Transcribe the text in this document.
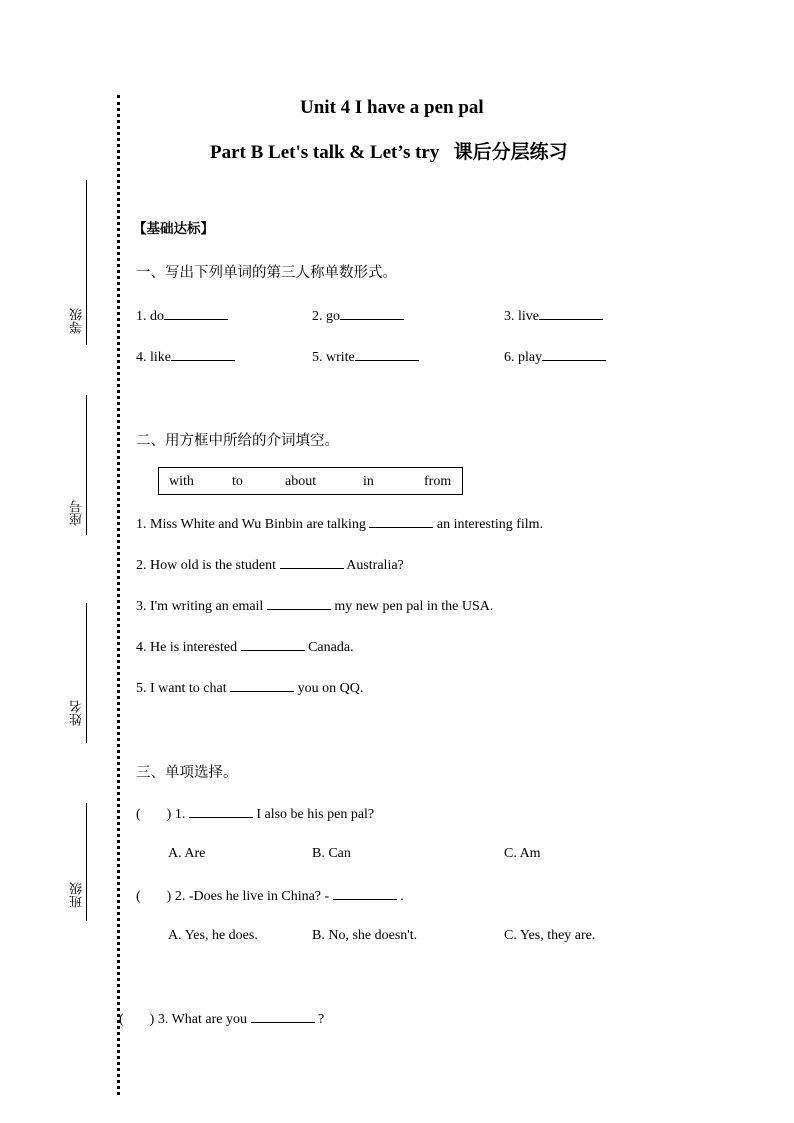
等级
座号
姓名
班级
Unit 4 I have a pen pal
Part B Let's talk & Let’s try 课后分层练习
【基础达标】
一、写出下列单词的第三人称单数形式。
1. do	2. go	3. live
4. like	5. write	6. play
二、用方框中所给的介词填空。
with	to	about	in	from
1. Miss White and Wu Binbin are talking	an interesting film.
2. How old is the student	Australia?
3. I'm writing an email	my new pen pal in the USA.
4. He is interested	Canada.
5. I want to chat	you on QQ.
三、单项选择。
( ) 1.	I also be his pen pal?
A. Are	B. Can	C. Am
( ) 2. -Does he live in China? -	.
A. Yes, he does.	B. No, she doesn't.	C. Yes, they are.
( ) 3. What are you	?
